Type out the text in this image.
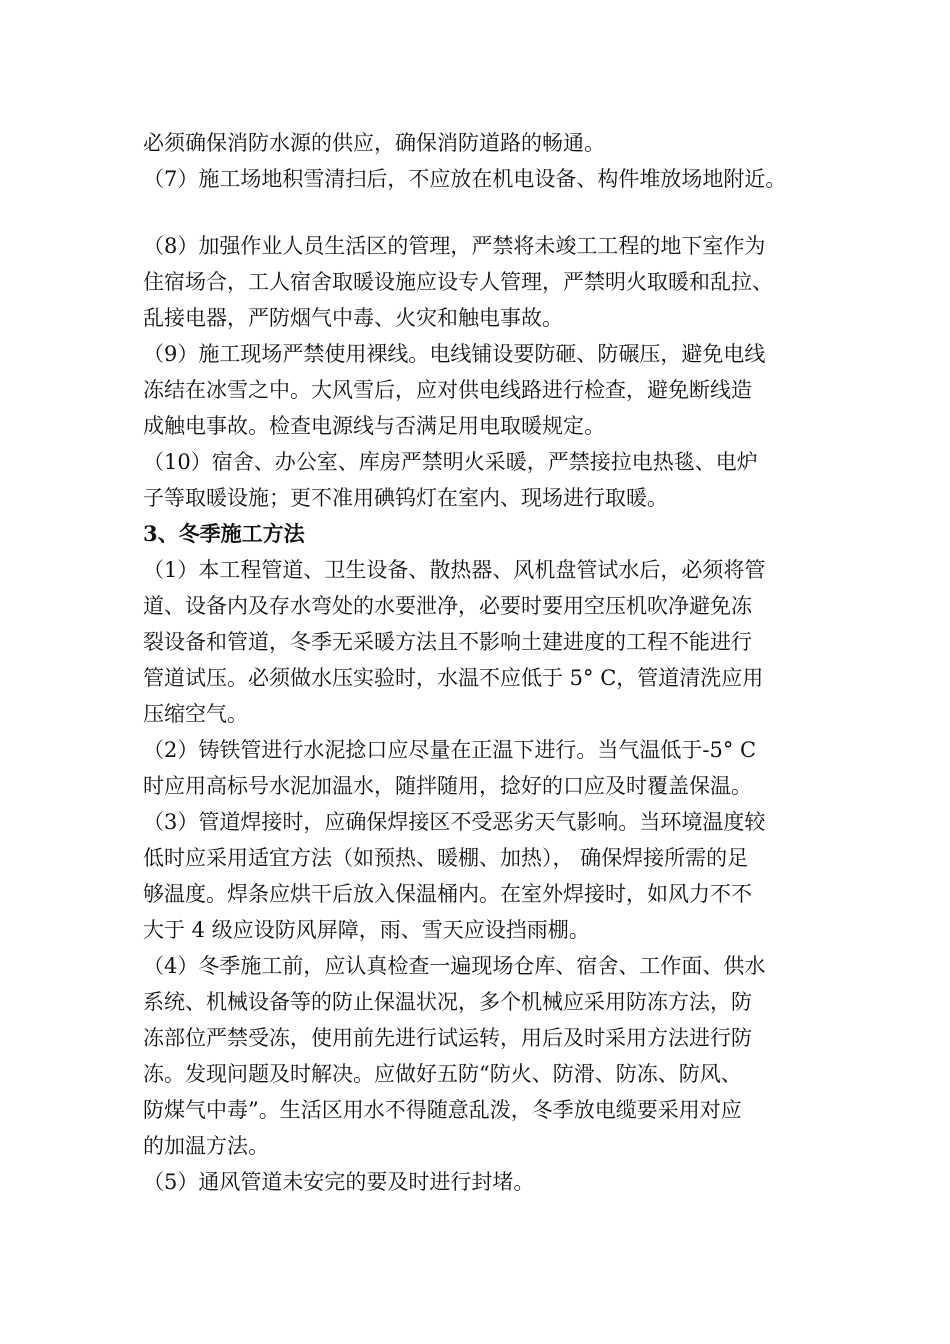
必须确保消防水源的供应，确保消防道路的畅通。
（7）施工场地积雪清扫后，不应放在机电设备、构件堆放场地附近。
（8）加强作业人员生活区的管理，严禁将未竣工工程的地下室作为
住宿场合，工人宿舍取暖设施应设专人管理，严禁明火取暖和乱拉、
乱接电器，严防烟气中毒、火灾和触电事故。
（9）施工现场严禁使用裸线。电线铺设要防砸、防碾压，避免电线
冻结在冰雪之中。大风雪后，应对供电线路进行检查，避免断线造
成触电事故。检查电源线与否满足用电取暖规定。
（10）宿舍、办公室、库房严禁明火采暖，严禁接拉电热毯、电炉
子等取暖设施；更不准用碘钨灯在室内、现场进行取暖。
3、冬季施工方法
（1）本工程管道、卫生设备、散热器、风机盘管试水后，必须将管
道、设备内及存水弯处的水要泄净，必要时要用空压机吹净避免冻
裂设备和管道，冬季无采暖方法且不影响土建进度的工程不能进行
管道试压。必须做水压实验时，水温不应低于 5° C，管道清洗应用
压缩空气。
（2）铸铁管进行水泥捻口应尽量在正温下进行。当气温低于-5° C
时应用高标号水泥加温水，随拌随用，捻好的口应及时覆盖保温。
（3）管道焊接时，应确保焊接区不受恶劣天气影响。当环境温度较
低时应采用适宜方法（如预热、暖棚、加热）， 确保焊接所需的足
够温度。焊条应烘干后放入保温桶内。在室外焊接时，如风力不不
大于 4 级应设防风屏障，雨、雪天应设挡雨棚。
（4）冬季施工前，应认真检查一遍现场仓库、宿舍、工作面、供水
系统、机械设备等的防止保温状况，多个机械应采用防冻方法，防
冻部位严禁受冻，使用前先进行试运转，用后及时采用方法进行防
冻。发现问题及时解决。应做好五防“防火、防滑、防冻、防风、
防煤气中毒”。生活区用水不得随意乱泼，冬季放电缆要采用对应
的加温方法。
（5）通风管道未安完的要及时进行封堵。
